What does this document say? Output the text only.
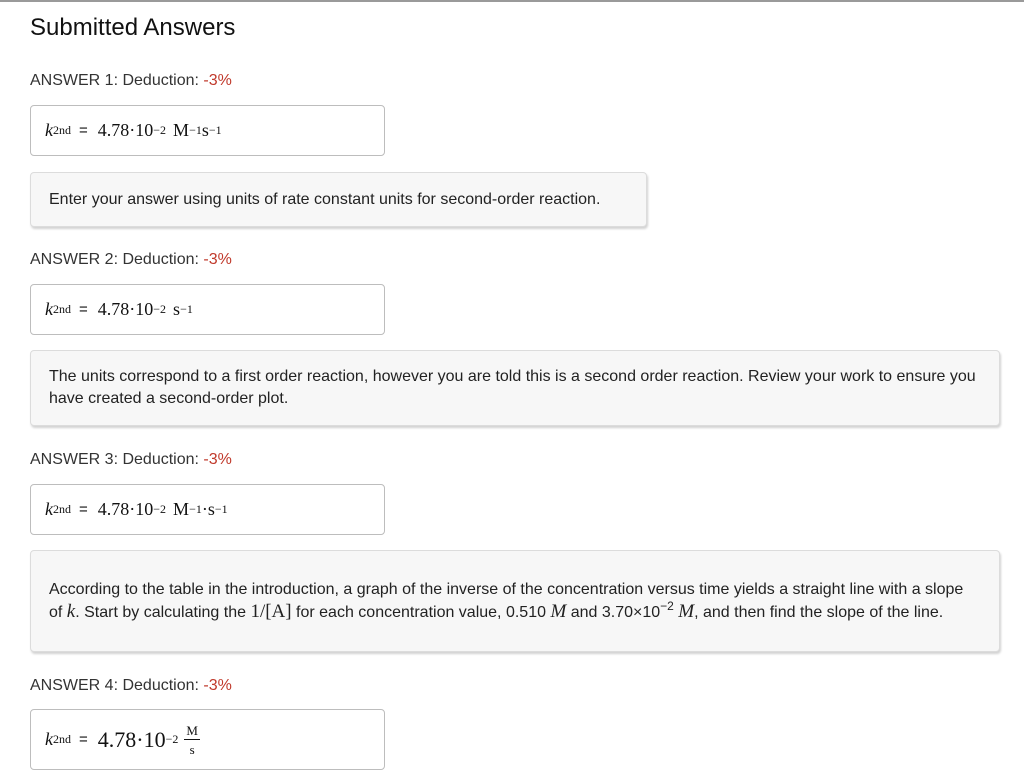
Submitted Answers
ANSWER 1: Deduction: -3%
k 2nd = 4.78·10 −2 M −1 s −1
Enter your answer using units of rate constant units for second-order reaction.
ANSWER 2: Deduction: -3%
k 2nd = 4.78·10 −2 s −1
The units correspond to a first order reaction, however you are told this is a second order reaction. Review your work to ensure you have created a second-order plot.
ANSWER 3: Deduction: -3%
k 2nd = 4.78·10 −2 M −1 · s −1
According to the table in the introduction, a graph of the inverse of the concentration versus time yields a straight line with a slope of k. Start by calculating the 1/[A] for each concentration value, 0.510 M and $3.70\times 10^{-2}$ M, and then find the slope of the line.
ANSWER 4: Deduction: -3%
k $2nd = 4.78\cdot 10 -2 \frac{M}{s}$
